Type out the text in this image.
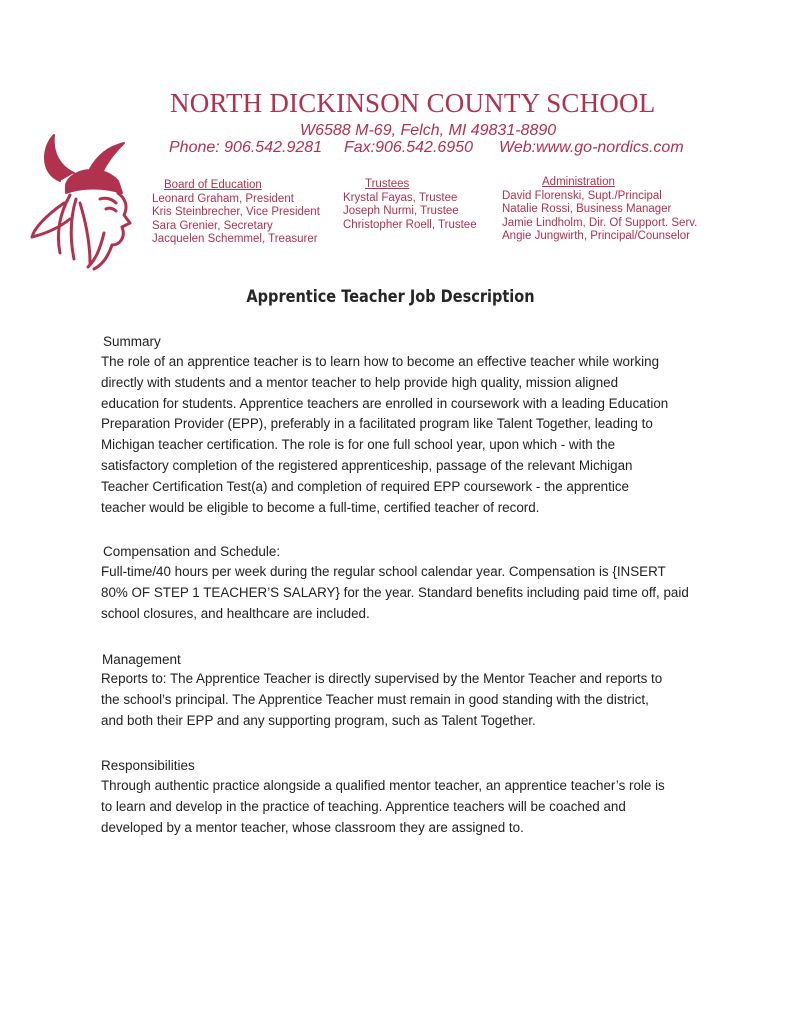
NORTH DICKINSON COUNTY SCHOOL
W6588 M-69, Felch, MI 49831-8890
Phone: 906.542.9281 Fax:906.542.6950 Web:www.go-nordics.com
Board of Education
Leonard Graham, President
Kris Steinbrecher, Vice President
Sara Grenier, Secretary
Jacquelen Schemmel, Treasurer
Trustees
Krystal Fayas, Trustee
Joseph Nurmi, Trustee
Christopher Roell, Trustee
Administration
David Florenski, Supt./Principal
Natalie Rossi, Business Manager
Jamie Lindholm, Dir. Of Support. Serv.
Angie Jungwirth, Principal/Counselor
Apprentice Teacher Job Description
Summary
The role of an apprentice teacher is to learn how to become an effective teacher while working
directly with students and a mentor teacher to help provide high quality, mission aligned
education for students. Apprentice teachers are enrolled in coursework with a leading Education
Preparation Provider (EPP), preferably in a facilitated program like Talent Together, leading to
Michigan teacher certification. The role is for one full school year, upon which - with the
satisfactory completion of the registered apprenticeship, passage of the relevant Michigan
Teacher Certification Test(a) and completion of required EPP coursework - the apprentice
teacher would be eligible to become a full-time, certified teacher of record.
Compensation and Schedule:
Full-time/40 hours per week during the regular school calendar year. Compensation is {INSERT
80% OF STEP 1 TEACHER’S SALARY} for the year. Standard benefits including paid time off, paid
school closures, and healthcare are included.
Management
Reports to: The Apprentice Teacher is directly supervised by the Mentor Teacher and reports to
the school’s principal. The Apprentice Teacher must remain in good standing with the district,
and both their EPP and any supporting program, such as Talent Together.
Responsibilities
Through authentic practice alongside a qualified mentor teacher, an apprentice teacher’s role is
to learn and develop in the practice of teaching. Apprentice teachers will be coached and
developed by a mentor teacher, whose classroom they are assigned to.
